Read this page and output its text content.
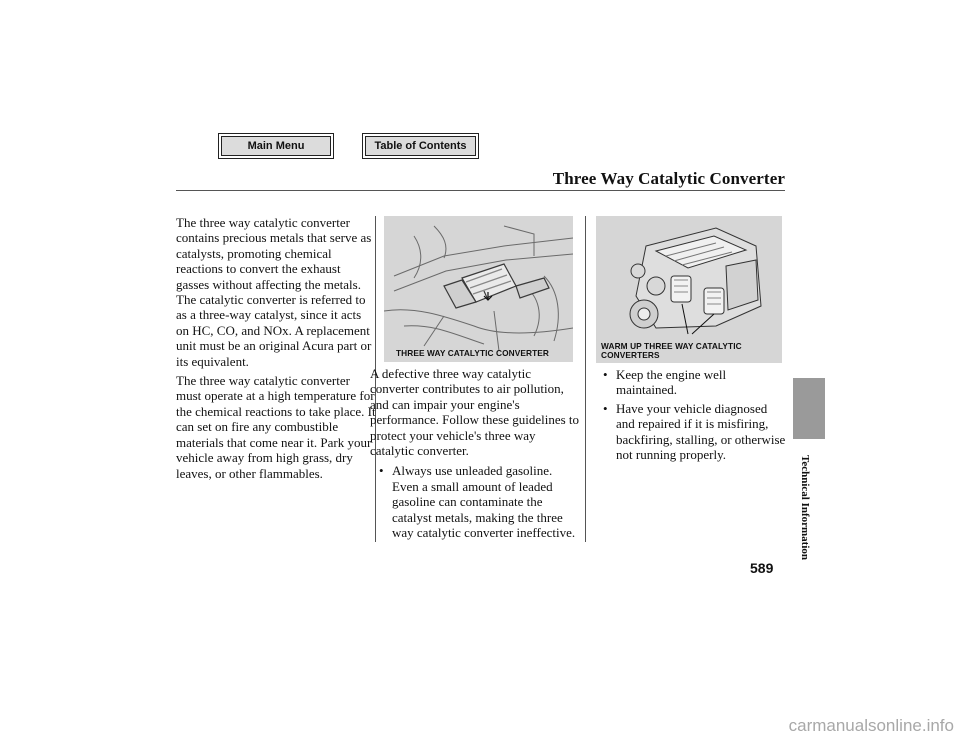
Main Menu	Table of Contents
Three Way Catalytic Converter

The three way catalytic converter contains precious metals that serve as catalysts, promoting chemical reactions to convert the exhaust gasses without affecting the metals. The catalytic converter is referred to as a three-way catalyst, since it acts on HC, CO, and NOx. A replacement unit must be an original Acura part or its equivalent.

The three way catalytic converter must operate at a high temperature for the chemical reactions to take place. It can set on fire any combustible materials that come near it. Park your vehicle away from high grass, dry leaves, or other flammables.

THREE WAY CATALYTIC CONVERTER
WARM UP THREE WAY CATALYTIC CONVERTERS

A defective three way catalytic converter contributes to air pollution, and can impair your engine's performance. Follow these guidelines to protect your vehicle's three way catalytic converter.

• Always use unleaded gasoline. Even a small amount of leaded gasoline can contaminate the catalyst metals, making the three way catalytic converter ineffective.
• Keep the engine well maintained.
• Have your vehicle diagnosed and repaired if it is misfiring, backfiring, stalling, or otherwise not running properly.
Technical Information
589
carmanualsonline.info
